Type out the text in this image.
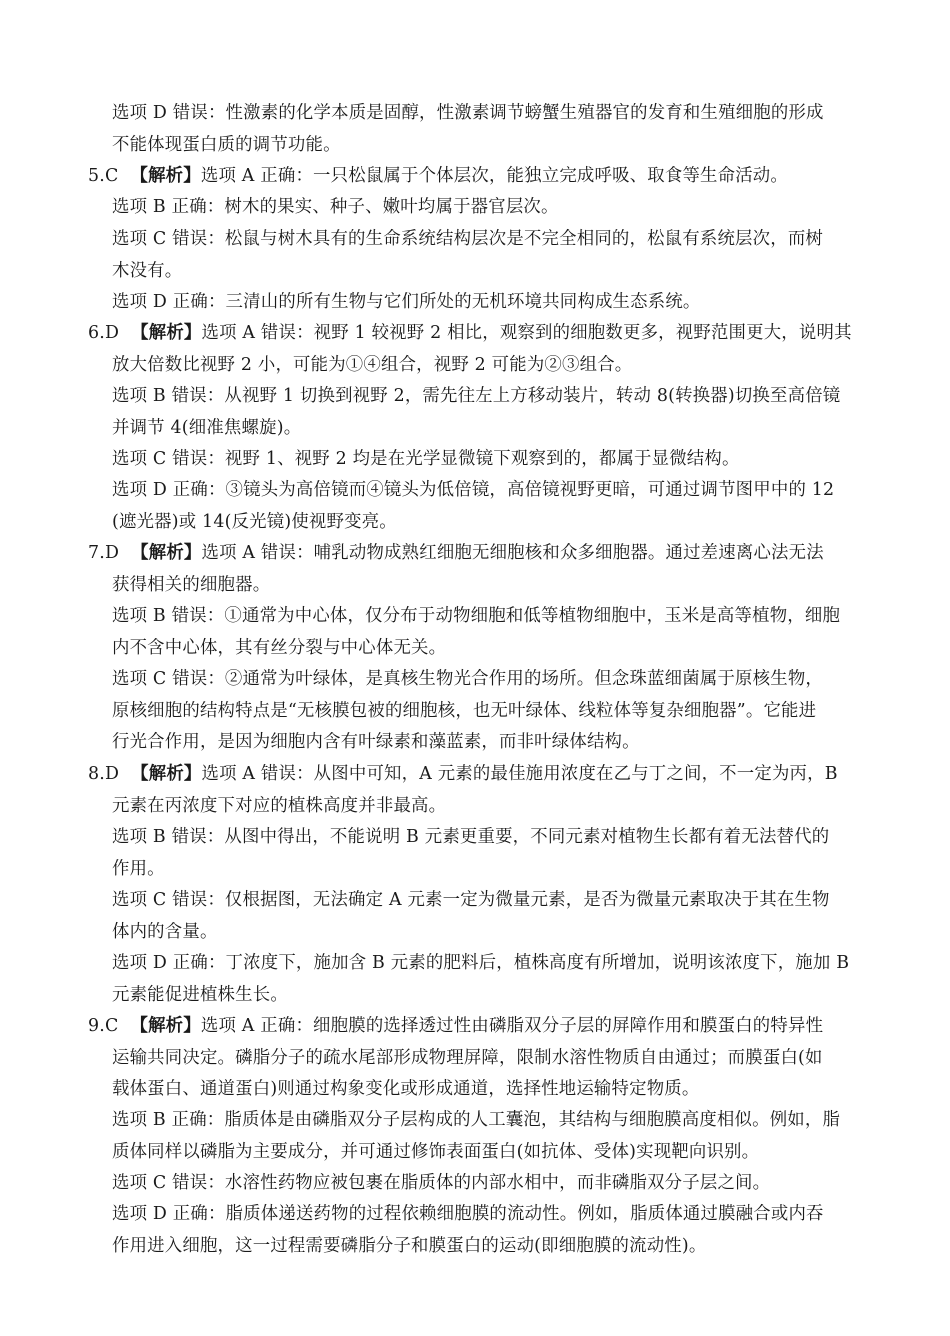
选项 D 错误：性激素的化学本质是固醇，性激素调节螃蟹生殖器官的发育和生殖细胞的形成
不能体现蛋白质的调节功能。
5.C 【解析】选项 A 正确：一只松鼠属于个体层次，能独立完成呼吸、取食等生命活动。
选项 B 正确：树木的果实、种子、嫩叶均属于器官层次。
选项 C 错误：松鼠与树木具有的生命系统结构层次是不完全相同的，松鼠有系统层次，而树
木没有。
选项 D 正确：三清山的所有生物与它们所处的无机环境共同构成生态系统。
6.D 【解析】选项 A 错误：视野 1 较视野 2 相比，观察到的细胞数更多，视野范围更大，说明其
放大倍数比视野 2 小，可能为①④组合，视野 2 可能为②③组合。
选项 B 错误：从视野 1 切换到视野 2，需先往左上方移动装片，转动 8(转换器)切换至高倍镜
并调节 4(细准焦螺旋)。
选项 C 错误：视野 1、视野 2 均是在光学显微镜下观察到的，都属于显微结构。
选项 D 正确：③镜头为高倍镜而④镜头为低倍镜，高倍镜视野更暗，可通过调节图甲中的 12
(遮光器)或 14(反光镜)使视野变亮。
7.D 【解析】选项 A 错误：哺乳动物成熟红细胞无细胞核和众多细胞器。通过差速离心法无法
获得相关的细胞器。
选项 B 错误：①通常为中心体，仅分布于动物细胞和低等植物细胞中，玉米是高等植物，细胞
内不含中心体，其有丝分裂与中心体无关。
选项 C 错误：②通常为叶绿体，是真核生物光合作用的场所。但念珠蓝细菌属于原核生物，
原核细胞的结构特点是“无核膜包被的细胞核，也无叶绿体、线粒体等复杂细胞器”。它能进
行光合作用，是因为细胞内含有叶绿素和藻蓝素，而非叶绿体结构。
8.D 【解析】选项 A 错误：从图中可知，A 元素的最佳施用浓度在乙与丁之间，不一定为丙，B
元素在丙浓度下对应的植株高度并非最高。
选项 B 错误：从图中得出，不能说明 B 元素更重要，不同元素对植物生长都有着无法替代的
作用。
选项 C 错误：仅根据图，无法确定 A 元素一定为微量元素，是否为微量元素取决于其在生物
体内的含量。
选项 D 正确：丁浓度下，施加含 B 元素的肥料后，植株高度有所增加，说明该浓度下，施加 B
元素能促进植株生长。
9.C 【解析】选项 A 正确：细胞膜的选择透过性由磷脂双分子层的屏障作用和膜蛋白的特异性
运输共同决定。磷脂分子的疏水尾部形成物理屏障，限制水溶性物质自由通过；而膜蛋白(如
载体蛋白、通道蛋白)则通过构象变化或形成通道，选择性地运输特定物质。
选项 B 正确：脂质体是由磷脂双分子层构成的人工囊泡，其结构与细胞膜高度相似。例如，脂
质体同样以磷脂为主要成分，并可通过修饰表面蛋白(如抗体、受体)实现靶向识别。
选项 C 错误：水溶性药物应被包裹在脂质体的内部水相中，而非磷脂双分子层之间。
选项 D 正确：脂质体递送药物的过程依赖细胞膜的流动性。例如，脂质体通过膜融合或内吞
作用进入细胞，这一过程需要磷脂分子和膜蛋白的运动(即细胞膜的流动性)。
